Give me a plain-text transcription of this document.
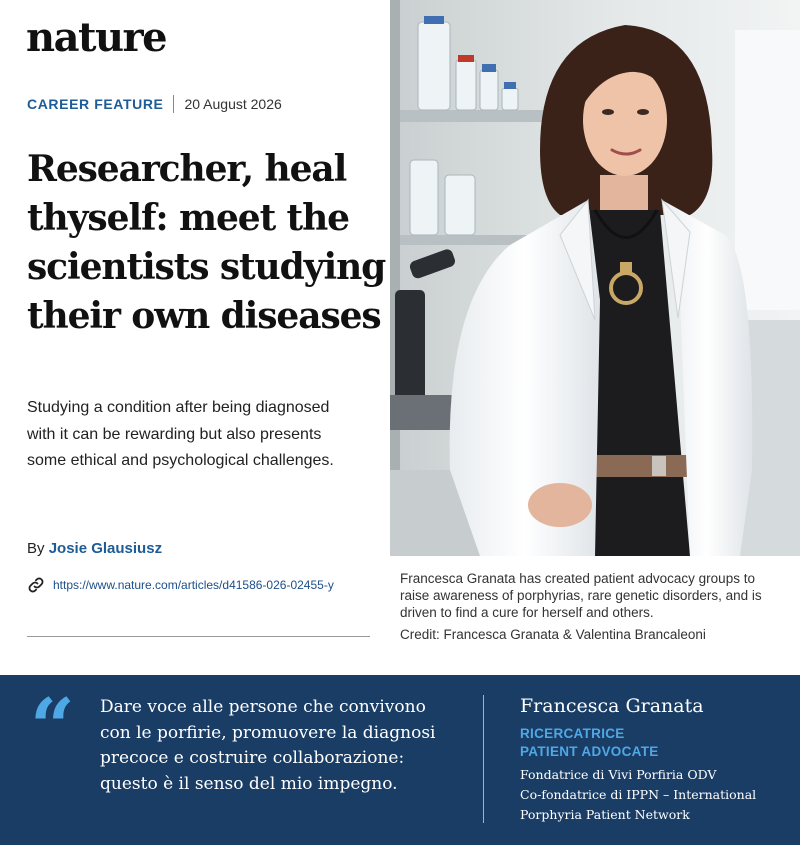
nature
CAREER FEATURE 20 August 2026
Researcher, heal thyself: meet the scientists studying their own diseases

Studying a condition after being diagnosed with it can be rewarding but also presents some ethical and psychological challenges.

By Josie Glausiusz
https://www.nature.com/articles/d41586-026-02455-y	Francesca Granata has created patient advocacy groups to raise awareness of porphyrias, rare genetic disorders, and is driven to find a cure for herself and others.

Credit: Francesca Granata & Valentina Brancaleoni

“ Dare voce alle persone che convivono con le porfirie, promuovere la diagnosi precoce e costruire collaborazione: questo è il senso del mio impegno.

Francesca Granata
RICERCATRICE
PATIENT ADVOCATE
Fondatrice di Vivi Porfiria ODV
Co-fondatrice di IPPN – International
Porphyria Patient Network
